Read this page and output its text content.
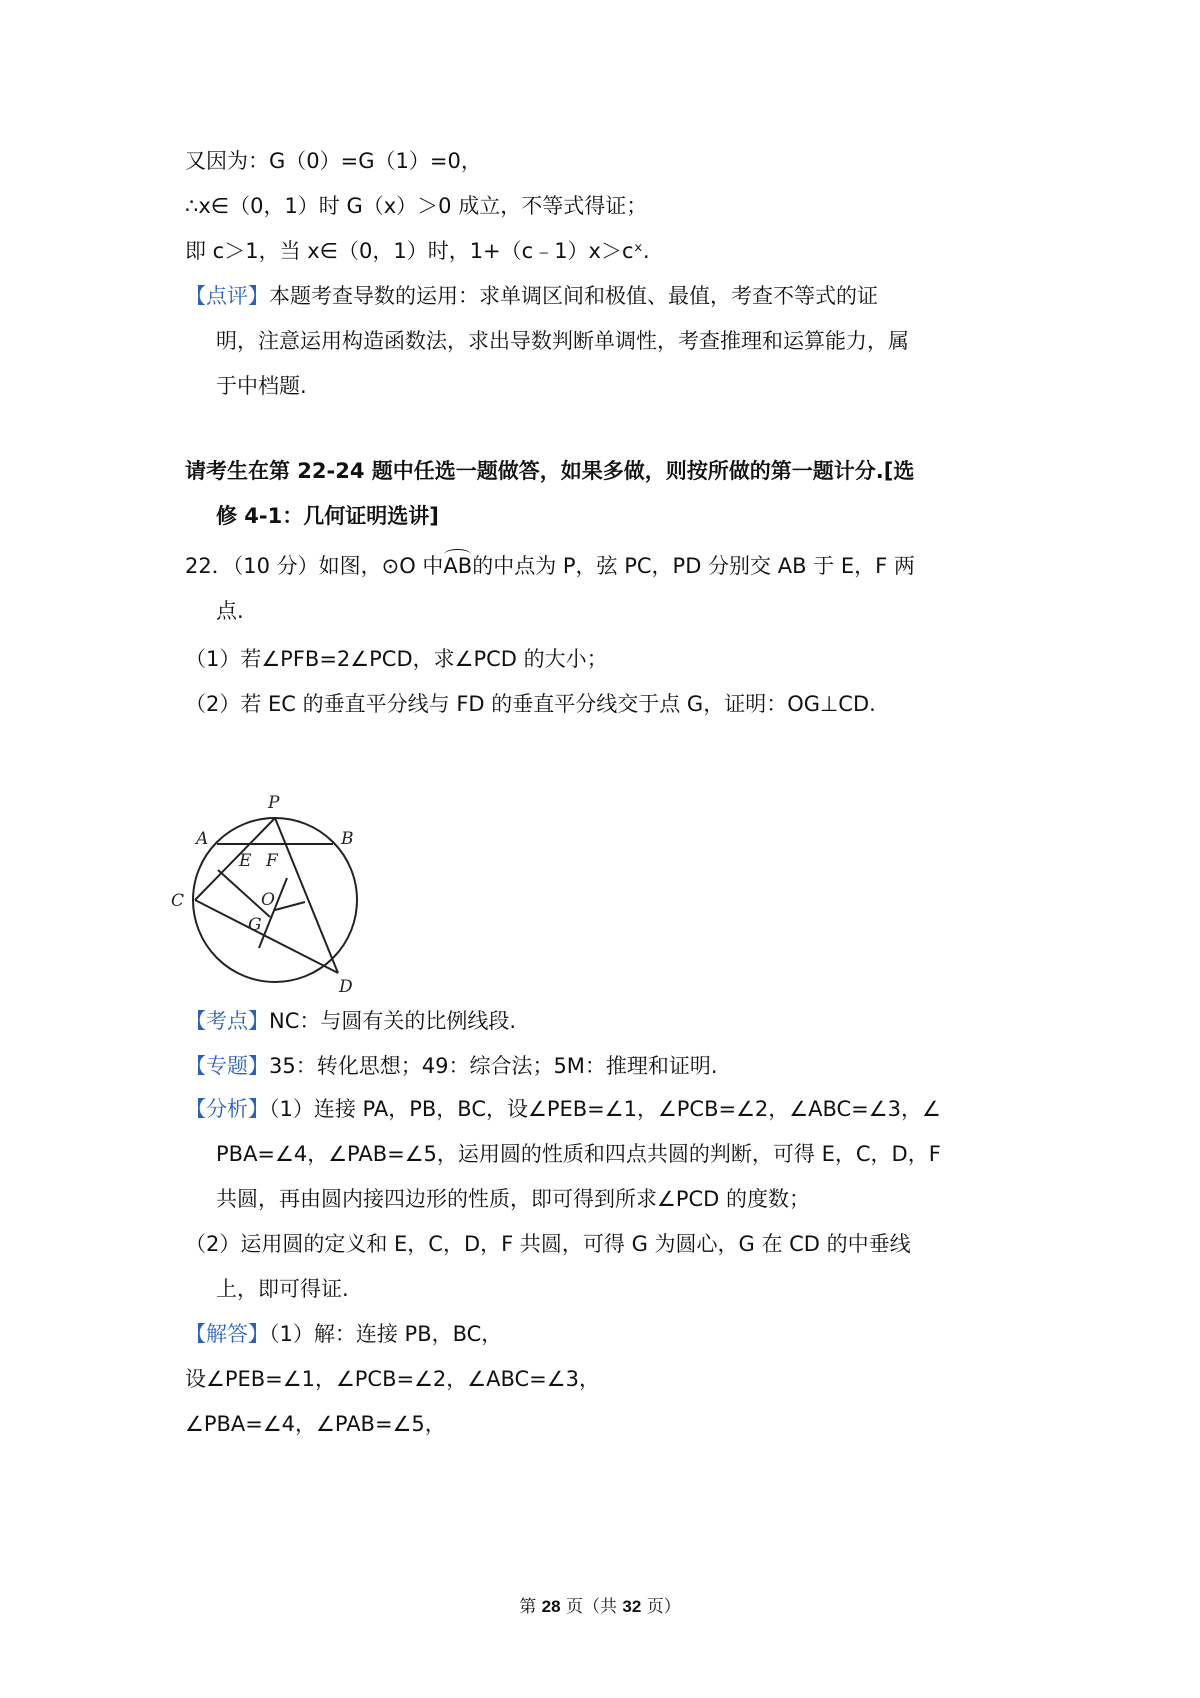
又因为：G（0）=G（1）=0，
∴x∈（0，1）时 G（x）＞0 成立，不等式得证；
即 c＞1，当 x∈（0，1）时，1+（c﹣1）x＞cˣ.
【点评】本题考查导数的运用：求单调区间和极值、最值，考查不等式的证
明，注意运用构造函数法，求出导数判断单调性，考查推理和运算能力，属
于中档题.
请考生在第 22-24 题中任选一题做答，如果多做，则按所做的第一题计分.[选
修 4-1：几何证明选讲]
22．（10 分）如图，⊙O 中AB的中点为 P，弦 PC，PD 分别交 AB 于 E，F 两
点.
（1）若∠PFB=2∠PCD，求∠PCD 的大小；
（2）若 EC 的垂直平分线与 FD 的垂直平分线交于点 G，证明：OG⊥CD.
P
A	B
E F
C	O
G
D
【考点】NC：与圆有关的比例线段.
【专题】35：转化思想；49：综合法；5M：推理和证明.
【分析】（1）连接 PA，PB，BC，设∠PEB=∠1，∠PCB=∠2，∠ABC=∠3，∠
PBA=∠4，∠PAB=∠5，运用圆的性质和四点共圆的判断，可得 E，C，D，F
共圆，再由圆内接四边形的性质，即可得到所求∠PCD 的度数；
（2）运用圆的定义和 E，C，D，F 共圆，可得 G 为圆心，G 在 CD 的中垂线
上，即可得证.
【解答】（1）解：连接 PB，BC，
设∠PEB=∠1，∠PCB=∠2，∠ABC=∠3，
∠PBA=∠4，∠PAB=∠5，
第 28 页（共 32 页）
